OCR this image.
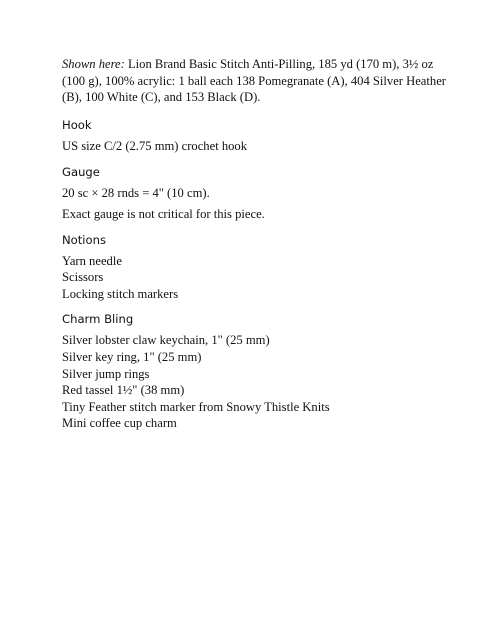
Shown here: Lion Brand Basic Stitch Anti-Pilling, 185 yd (170 m), 3½ oz (100 g), 100% acrylic: 1 ball each 138 Pomegranate (A), 404 Silver Heather (B), 100 White (C), and 153 Black (D).

Hook

US size C/2 (2.75 mm) crochet hook

Gauge

20 sc × 28 rnds = 4" (10 cm).

Exact gauge is not critical for this piece.

Notions
Yarn needle
Scissors
Locking stitch markers
Charm Bling
Silver lobster claw keychain, 1" (25 mm)
Silver key ring, 1" (25 mm)
Silver jump rings
Red tassel 1½" (38 mm)
Tiny Feather stitch marker from Snowy Thistle Knits
Mini coffee cup charm
